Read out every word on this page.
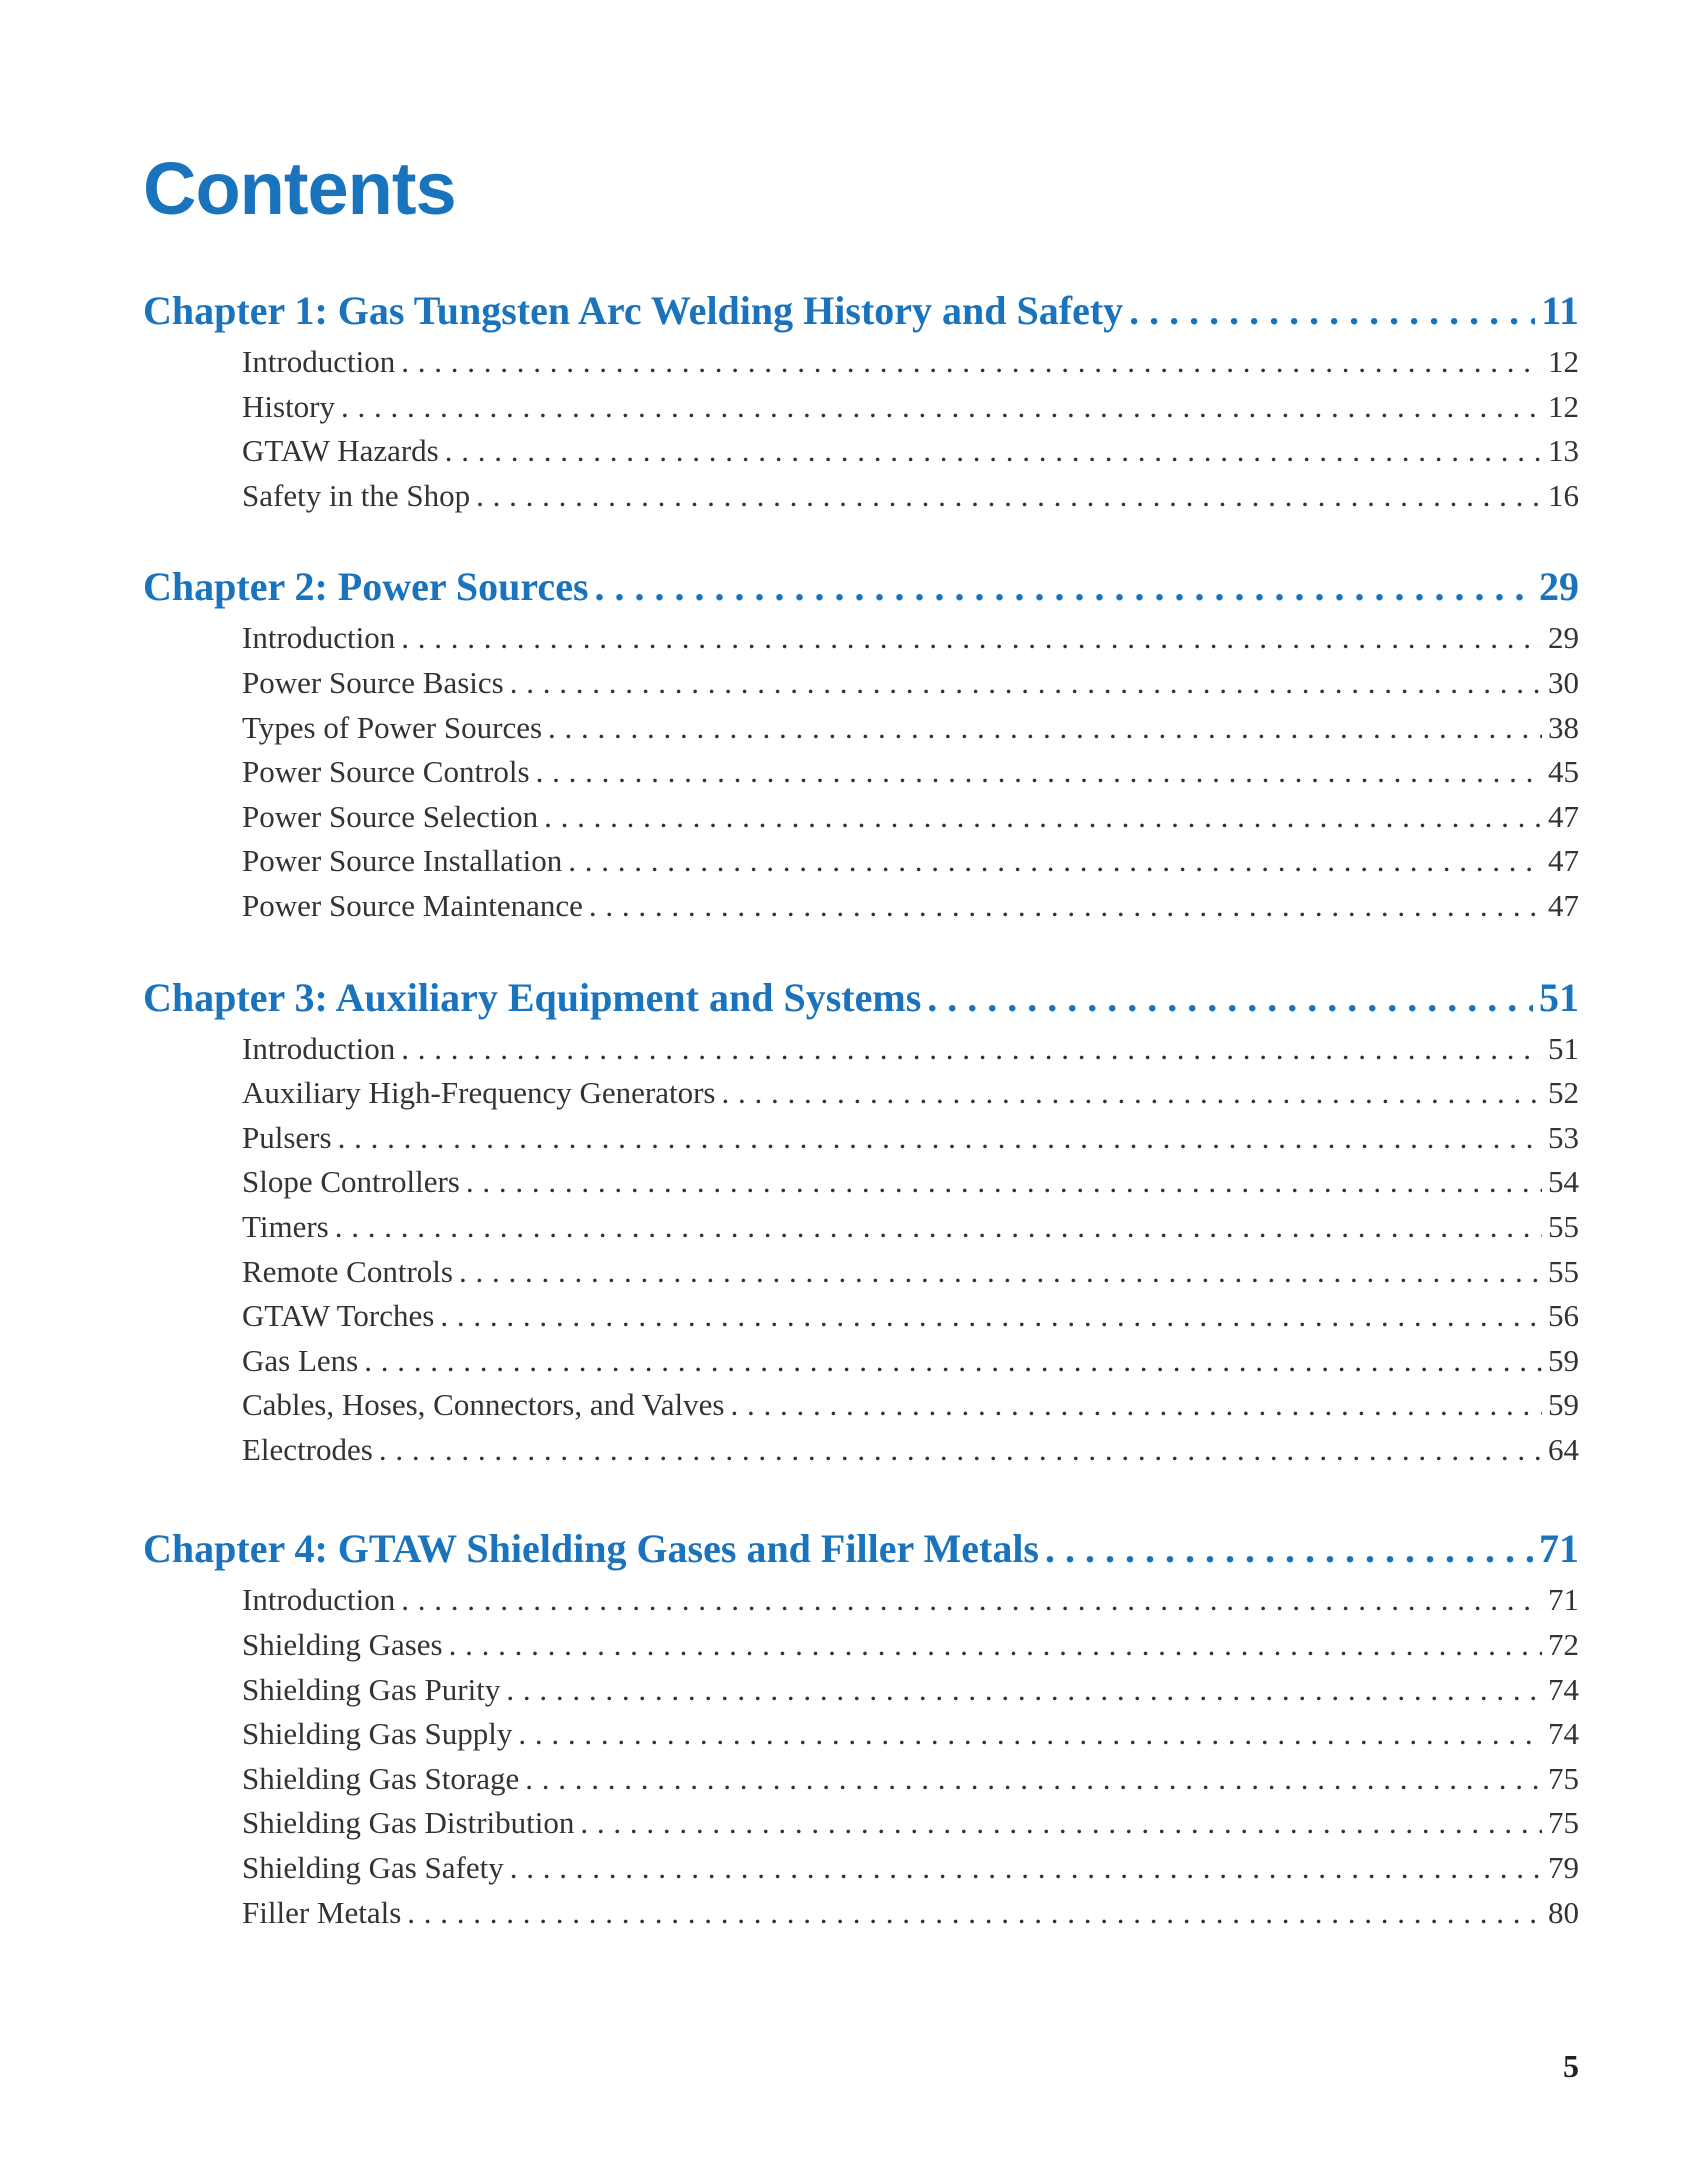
Contents
Chapter 1: Gas Tungsten Arc Welding History and Safety . . .	11
Introduction . . .	12
History . . .	12
GTAW Hazards . . .	13
Safety in the Shop . . .	16
Chapter 2: Power Sources . . .	29
Introduction . . .	29
Power Source Basics . . .	30
Types of Power Sources . . .	38
Power Source Controls . . .	45
Power Source Selection . . .	47
Power Source Installation . . .	47
Power Source Maintenance . . .	47
Chapter 3: Auxiliary Equipment and Systems . . .	51
Introduction . . .	51
Auxiliary High-Frequency Generators . . .	52
Pulsers . . .	53
Slope Controllers . . .	54
Timers . . .	55
Remote Controls . . .	55
GTAW Torches . . .	56
Gas Lens . . .	59
Cables, Hoses, Connectors, and Valves . . .	59
Electrodes . . .	64
Chapter 4: GTAW Shielding Gases and Filler Metals . . .	71
Introduction . . .	71
Shielding Gases . . .	72
Shielding Gas Purity . . .	74
Shielding Gas Supply . . .	74
Shielding Gas Storage . . .	75
Shielding Gas Distribution . . .	75
Shielding Gas Safety . . .	79
Filler Metals . . .	80
5
